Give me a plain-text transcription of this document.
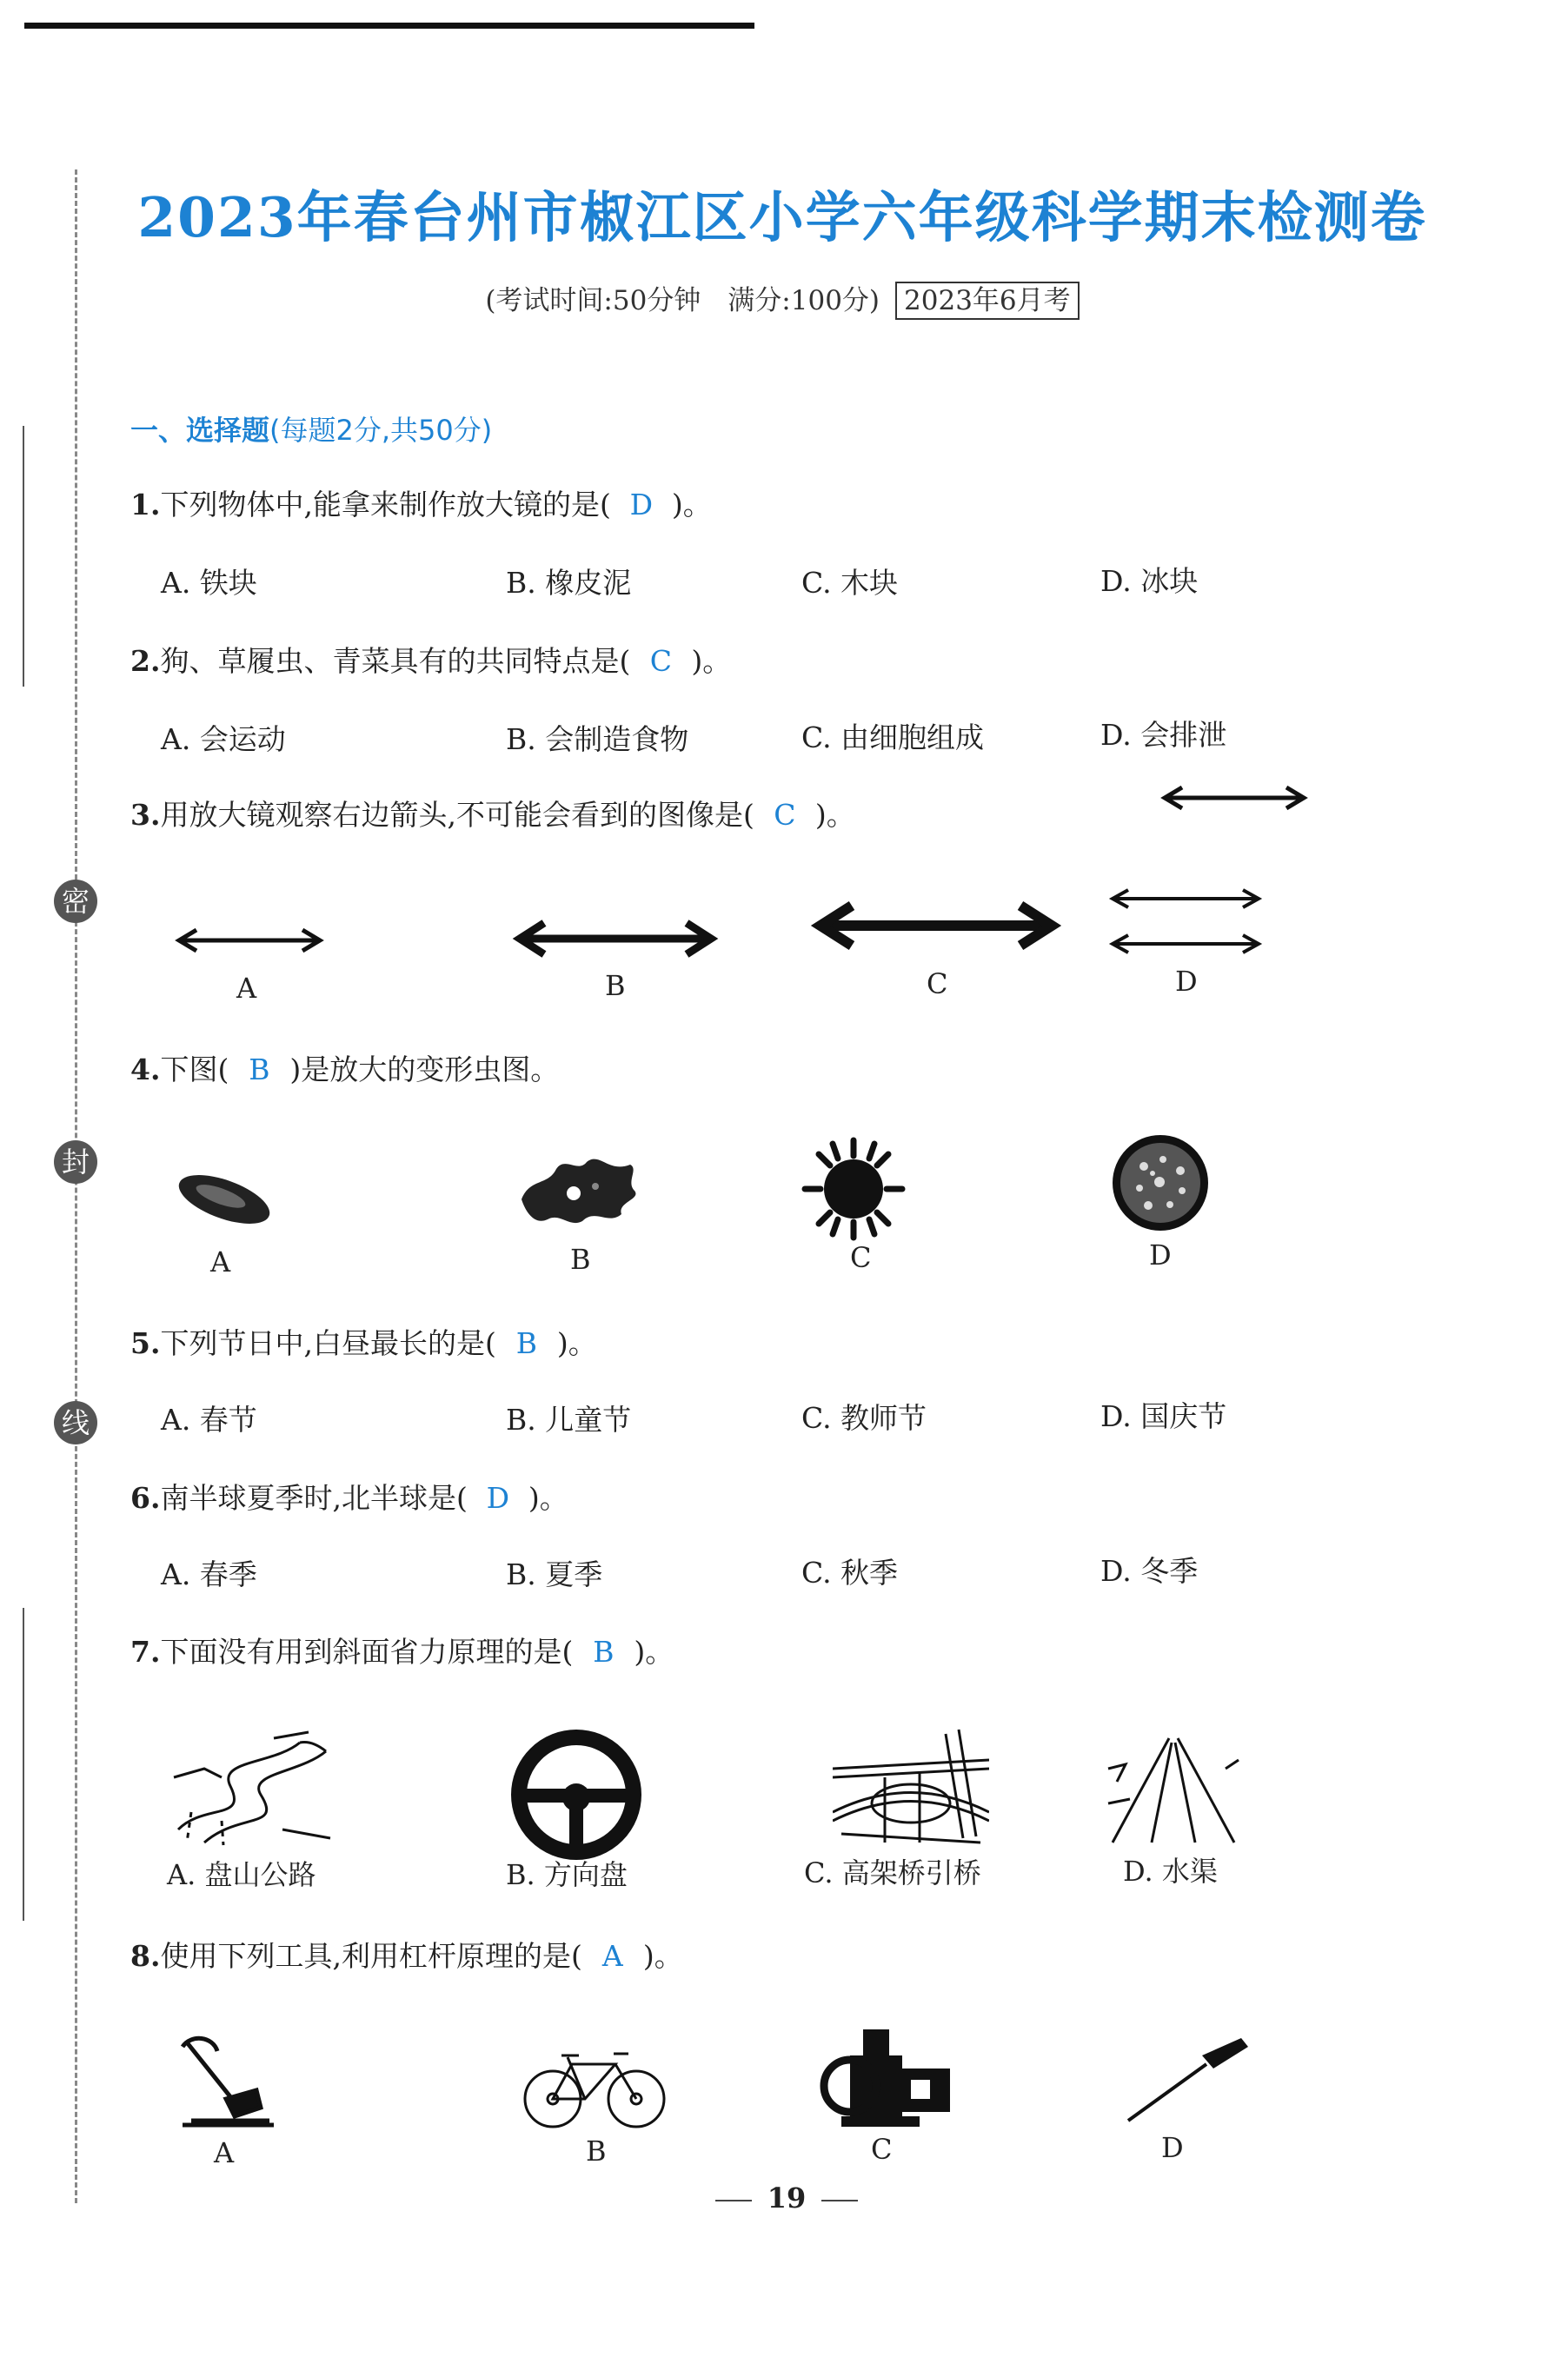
密
封
线
2023年春台州市椒江区小学六年级科学期末检测卷
(考试时间:50分钟　满分:100分) 2023年6月考
一、选择题(每题2分,共50分)
1.下列物体中,能拿来制作放大镜的是( D )。
A. 铁块	B. 橡皮泥	C. 木块	D. 冰块
2.狗、草履虫、青菜具有的共同特点是( C )。
A. 会运动	B. 会制造食物	C. 由细胞组成	D. 会排泄
3.用放大镜观察右边箭头,不可能会看到的图像是( C )。
A	B	C	D
4.下图( B )是放大的变形虫图。
A	B	C	D
5.下列节日中,白昼最长的是( B )。
A. 春节	B. 儿童节	C. 教师节	D. 国庆节
6.南半球夏季时,北半球是( D )。
A. 春季	B. 夏季	C. 秋季	D. 冬季
7.下面没有用到斜面省力原理的是( B )。
A. 盘山公路	B. 方向盘	C. 高架桥引桥	D. 水渠
8.使用下列工具,利用杠杆原理的是( A )。
A	B	C	D
19
